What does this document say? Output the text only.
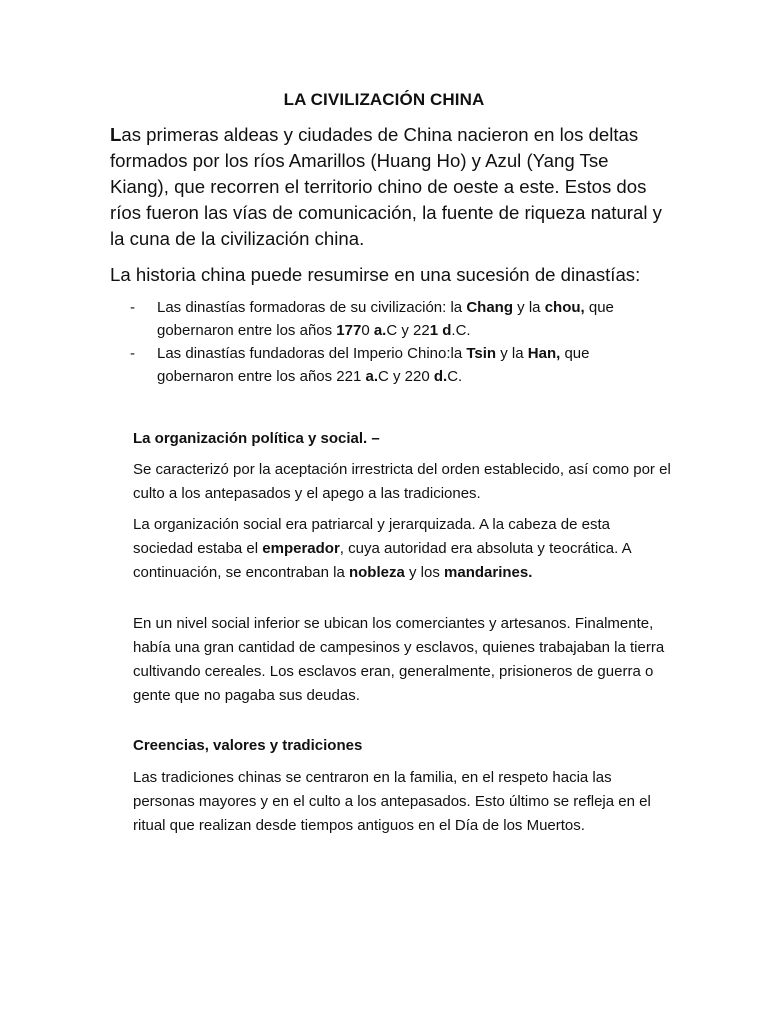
LA CIVILIZACIÓN CHINA

Las primeras aldeas y ciudades de China nacieron en los deltas formados por los ríos Amarillos (Huang Ho) y Azul (Yang Tse Kiang), que recorren el territorio chino de oeste a este. Estos dos ríos fueron las vías de comunicación, la fuente de riqueza natural y la cuna de la civilización china.

La historia china puede resumirse en una sucesión de dinastías:

- Las dinastías formadoras de su civilización: la Chang y la chou, que gobernaron entre los años 1770 a.C y 221 d.C.
- Las dinastías fundadoras del Imperio Chino:la Tsin y la Han, que gobernaron entre los años 221 a.C y 220 d.C.

La organización política y social. –

Se caracterizó por la aceptación irrestricta del orden establecido, así como por el culto a los antepasados y el apego a las tradiciones.

La organización social era patriarcal y jerarquizada. A la cabeza de esta sociedad estaba el emperador, cuya autoridad era absoluta y teocrática. A continuación, se encontraban la nobleza y los mandarines.

En un nivel social inferior se ubican los comerciantes y artesanos. Finalmente, había una gran cantidad de campesinos y esclavos, quienes trabajaban la tierra cultivando cereales. Los esclavos eran, generalmente, prisioneros de guerra o gente que no pagaba sus deudas.

Creencias, valores y tradiciones

Las tradiciones chinas se centraron en la familia, en el respeto hacia las personas mayores y en el culto a los antepasados. Esto último se refleja en el ritual que realizan desde tiempos antiguos en el Día de los Muertos.
